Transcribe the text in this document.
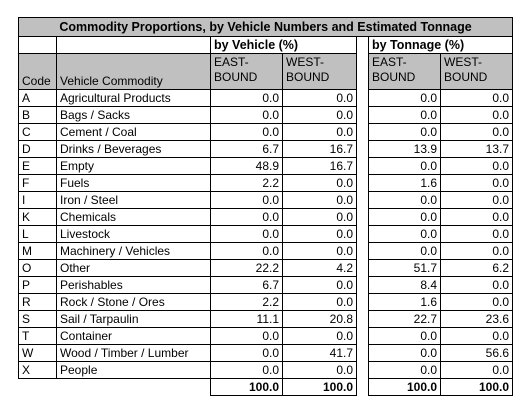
Commodity Proportions, by Vehicle Numbers and Estimated Tonnage						
		by Vehicle (%)			by Tonnage (%)	
Code	Vehicle Commodity	EAST-BOUND	WEST-BOUND		EAST-BOUND	WEST-BOUND
A	Agricultural Products	0.0	0.0		0.0	0.0
B	Bags / Sacks	0.0	0.0		0.0	0.0
C	Cement / Coal	0.0	0.0		0.0	0.0
D	Drinks / Beverages	6.7	16.7		13.9	13.7
E	Empty	48.9	16.7		0.0	0.0
F	Fuels	2.2	0.0		1.6	0.0
I	Iron / Steel	0.0	0.0		0.0	0.0
K	Chemicals	0.0	0.0		0.0	0.0
L	Livestock	0.0	0.0		0.0	0.0
M	Machinery / Vehicles	0.0	0.0		0.0	0.0
O	Other	22.2	4.2		51.7	6.2
P	Perishables	6.7	0.0		8.4	0.0
R	Rock / Stone / Ores	2.2	0.0		1.6	0.0
S	Sail / Tarpaulin	11.1	20.8		22.7	23.6
T	Container	0.0	0.0		0.0	0.0
W	Wood / Timber / Lumber	0.0	41.7		0.0	56.6
X	People	0.0	0.0		0.0	0.0
		100.0	100.0		100.0	100.0
